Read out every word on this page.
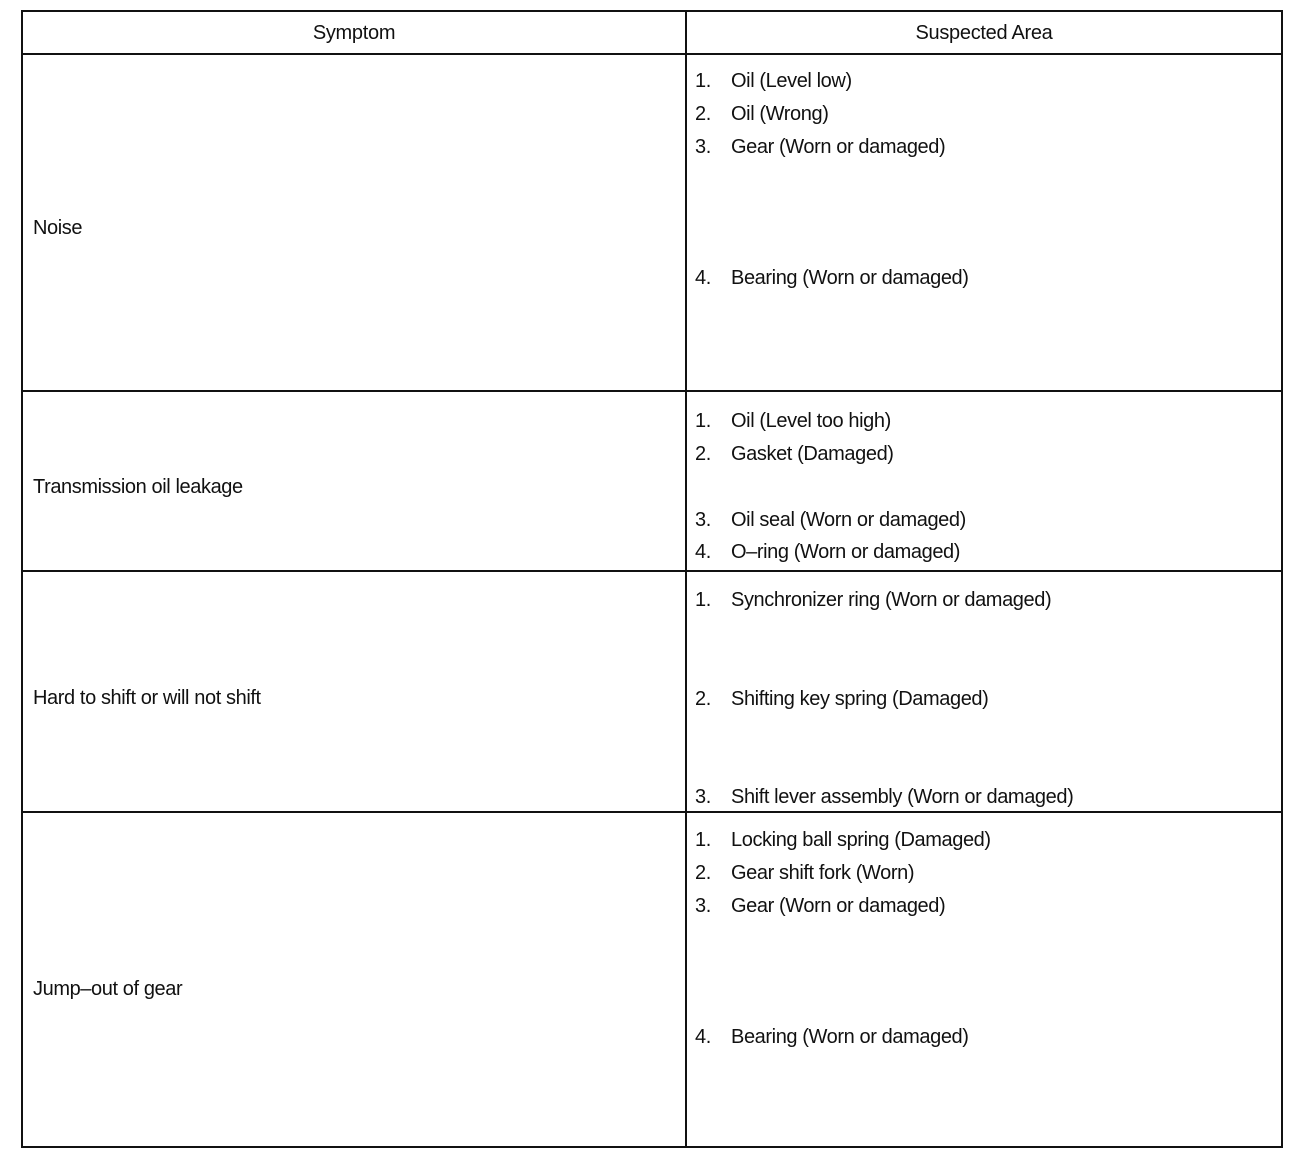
Symptom	Suspected Area
Noise
1. Oil (Level low)
2. Oil (Wrong)
3. Gear (Worn or damaged)
4. Bearing (Worn or damaged)
Transmission oil leakage
1. Oil (Level too high)
2. Gasket (Damaged)
3. Oil seal (Worn or damaged)
4. O–ring (Worn or damaged)
Hard to shift or will not shift
1. Synchronizer ring (Worn or damaged)
2. Shifting key spring (Damaged)
3. Shift lever assembly (Worn or damaged)
Jump–out of gear
1. Locking ball spring (Damaged)
2. Gear shift fork (Worn)
3. Gear (Worn or damaged)
4. Bearing (Worn or damaged)
